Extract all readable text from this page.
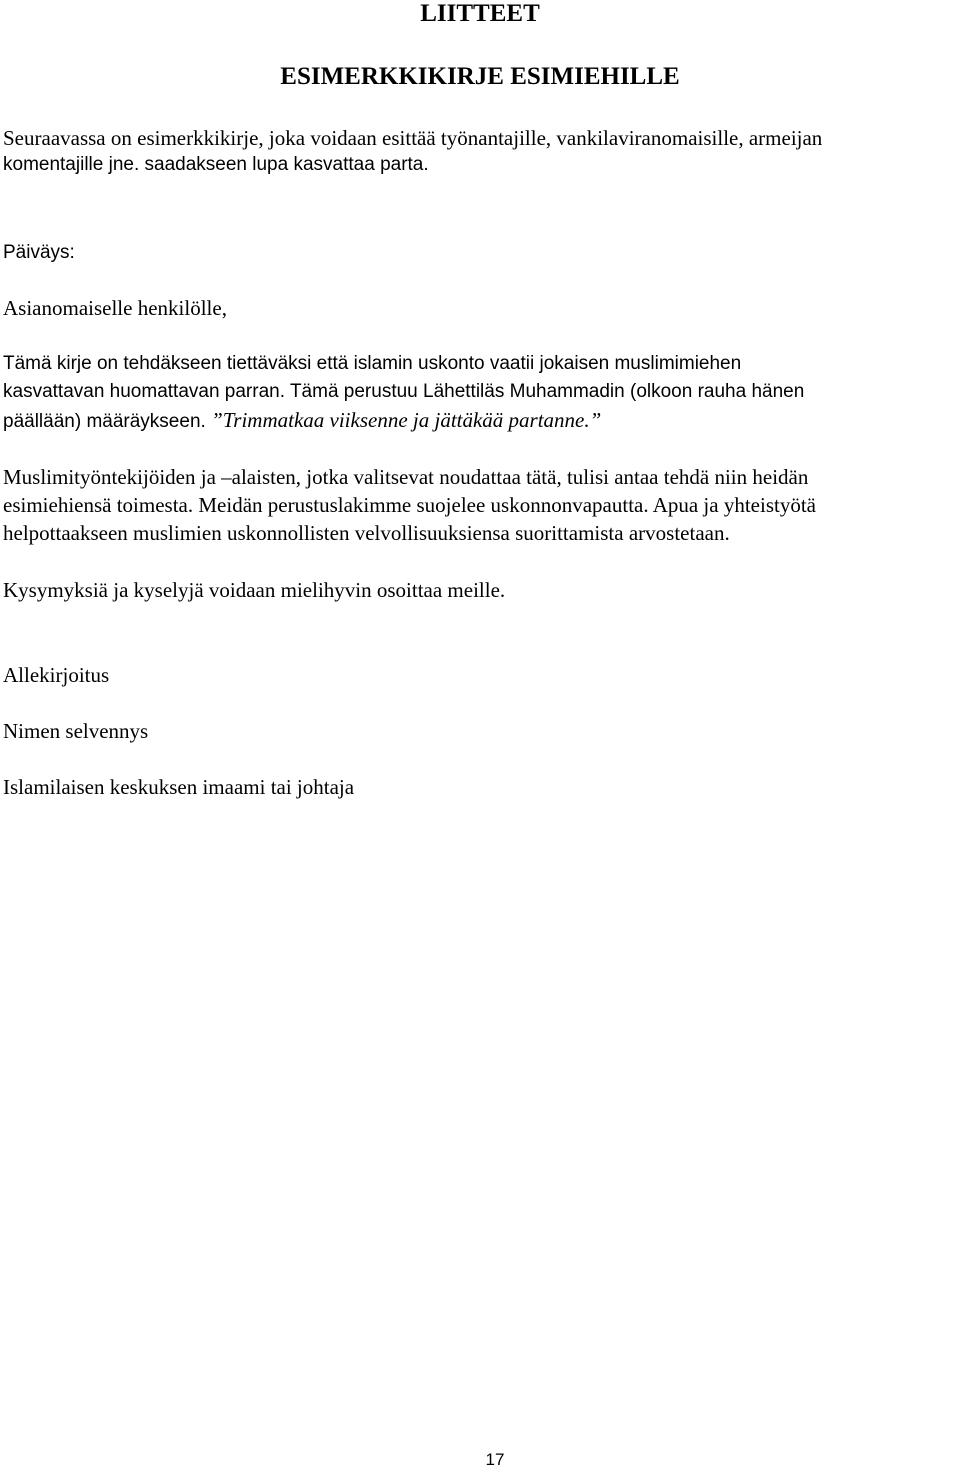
LIITTEET
ESIMERKKIKIRJE ESIMIEHILLE
Seuraavassa on esimerkkikirje, joka voidaan esittää työnantajille, vankilaviranomaisille, armeijan
komentajille jne. saadakseen lupa kasvattaa parta.
Päiväys:
Asianomaiselle henkilölle,
Tämä kirje on tehdäkseen tiettäväksi että islamin uskonto vaatii jokaisen muslimimiehen
kasvattavan huomattavan parran. Tämä perustuu Lähettiläs Muhammadin (olkoon rauha hänen
päällään) määräykseen. ”Trimmatkaa viiksenne ja jättäkää partanne.”
Muslimityöntekijöiden ja –alaisten, jotka valitsevat noudattaa tätä, tulisi antaa tehdä niin heidän
esimiehiensä toimesta. Meidän perustuslakimme suojelee uskonnonvapautta. Apua ja yhteistyötä
helpottaakseen muslimien uskonnollisten velvollisuuksiensa suorittamista arvostetaan.
Kysymyksiä ja kyselyjä voidaan mielihyvin osoittaa meille.
Allekirjoitus
Nimen selvennys
Islamilaisen keskuksen imaami tai johtaja
17
